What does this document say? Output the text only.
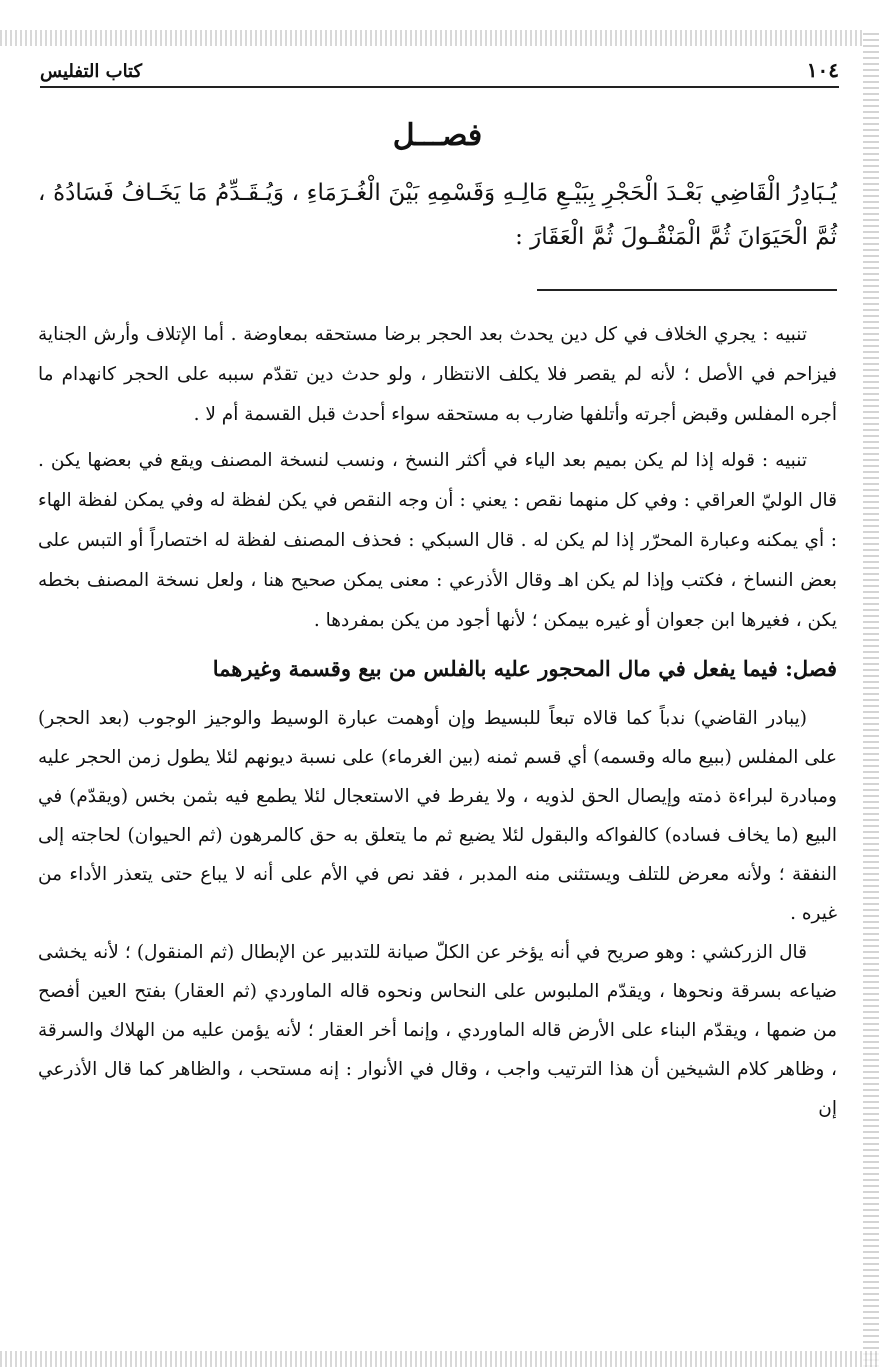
١٠٤
كتاب التفليس
فصـــل

يُـبَادِرُ الْقَاضِي بَعْـدَ الْحَجْرِ بِبَيْـعِ مَالِـهِ وَقَسْمِهِ بَيْنَ الْغُـرَمَاءِ ، وَيُـقَـدِّمُ مَا يَخَـافُ فَسَادُهُ ، ثُمَّ الْحَيَوَانَ ثُمَّ الْمَنْقُـولَ ثُمَّ الْعَقَارَ :

تنبيه : يجري الخلاف في كل دين يحدث بعد الحجر برضا مستحقه بمعاوضة . أما الإتلاف وأرش الجناية فيزاحم في الأصل ؛ لأنه لم يقصر فلا يكلف الانتظار ، ولو حدث دين تقدّم سببه على الحجر كانهدام ما أجره المفلس وقبض أجرته وأتلفها ضارب به مستحقه سواء أحدث قبل القسمة أم لا .

تنبيه : قوله إذا لم يكن بميم بعد الياء في أكثر النسخ ، ونسب لنسخة المصنف ويقع في بعضها يكن . قال الوليّ العراقي : وفي كل منهما نقص : يعني : أن وجه النقص في يكن لفظة له وفي يمكن لفظة الهاء : أي يمكنه وعبارة المحرّر إذا لم يكن له . قال السبكي : فحذف المصنف لفظة له اختصاراً أو التبس على بعض النساخ ، فكتب وإذا لم يكن اهـ وقال الأذرعي : معنى يمكن صحيح هنا ، ولعل نسخة المصنف بخطه يكن ، فغيرها ابن جعوان أو غيره بيمكن ؛ لأنها أجود من يكن بمفردها .

فصل: فيما يفعل في مال المحجور عليه بالفلس من بيع وقسمة وغيرهما

(يبادر القاضي) ندباً كما قالاه تبعاً للبسيط وإن أوهمت عبارة الوسيط والوجيز الوجوب (بعد الحجر) على المفلس (ببيع ماله وقسمه) أي قسم ثمنه (بين الغرماء) على نسبة ديونهم لئلا يطول زمن الحجر عليه ومبادرة لبراءة ذمته وإيصال الحق لذويه ، ولا يفرط في الاستعجال لئلا يطمع فيه بثمن بخس (ويقدّم) في البيع (ما يخاف فساده) كالفواكه والبقول لئلا يضيع ثم ما يتعلق به حق كالمرهون (ثم الحيوان) لحاجته إلى النفقة ؛ ولأنه معرض للتلف ويستثنى منه المدبر ، فقد نص في الأم على أنه لا يباع حتى يتعذر الأداء من غيره .

قال الزركشي : وهو صريح في أنه يؤخر عن الكلّ صيانة للتدبير عن الإبطال (ثم المنقول) ؛ لأنه يخشى ضياعه بسرقة ونحوها ، ويقدّم الملبوس على النحاس ونحوه قاله الماوردي (ثم العقار) بفتح العين أفصح من ضمها ، ويقدّم البناء على الأرض قاله الماوردي ، وإنما أخر العقار ؛ لأنه يؤمن عليه من الهلاك والسرقة ، وظاهر كلام الشيخين أن هذا الترتيب واجب ، وقال في الأنوار : إنه مستحب ، والظاهر كما قال الأذرعي إن
